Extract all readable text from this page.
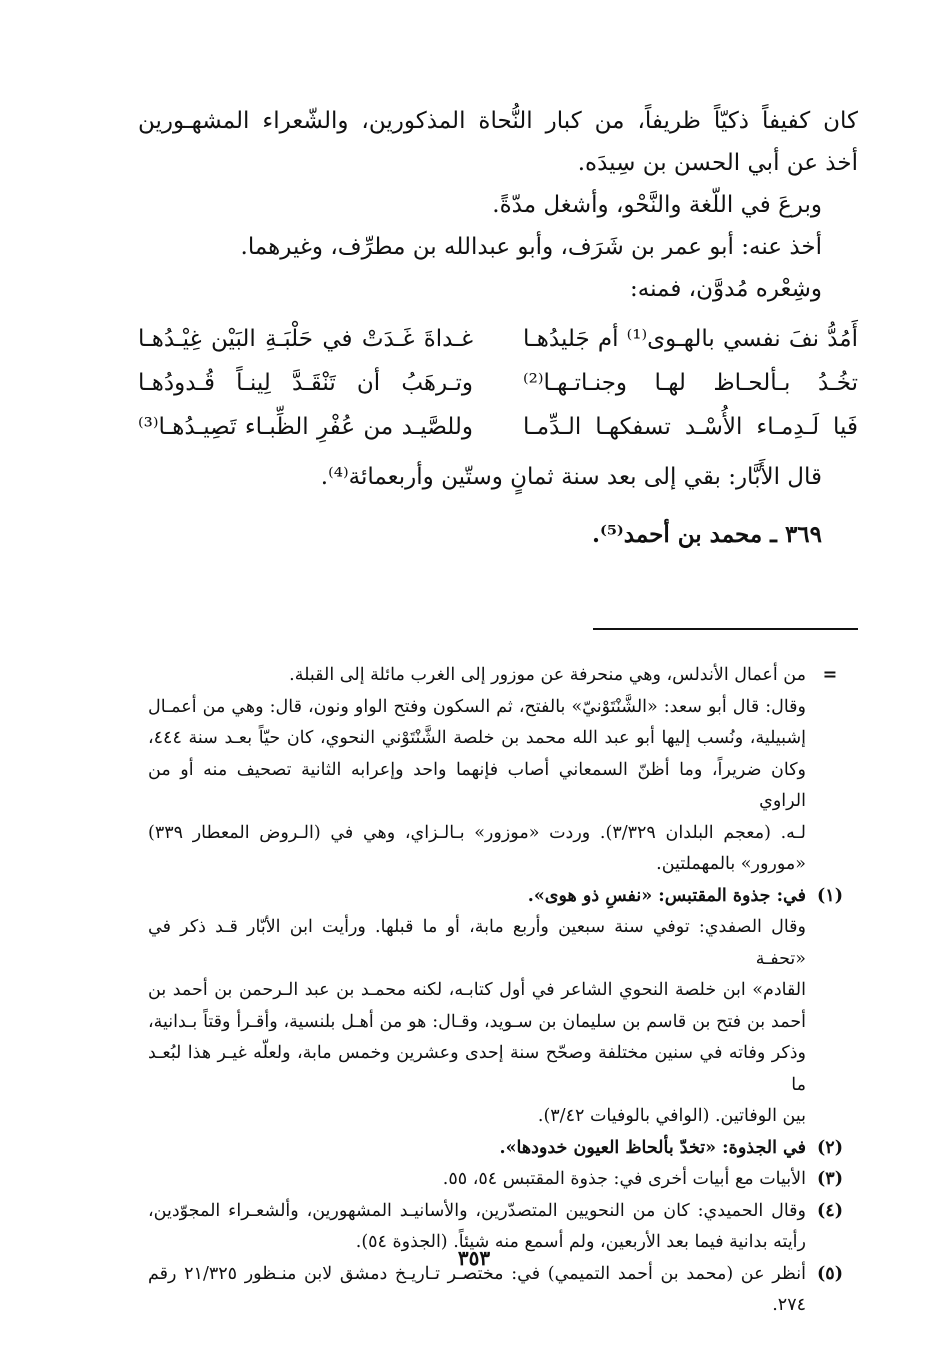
كان كفيفاً ذكيّاً ظريفاً، من كبار النُّحاة المذكورين، والشّعراء المشهـورين

أخذ عن أبي الحسن بن سِيدَه.

وبرعَ في اللّغة والنَّحْو، وأشغل مدّةً.

أخذ عنه: أبو عمر بن شَرَف، وأبو عبدالله بن مطرِّف، وغيرهما.

وشِعْره مُدوَّن، فمنه:

أَمُدُّ نفَ نفسي بالهـوى⁽¹⁾ أم جَليدُهـا
غـداةَ غَـدَتْ في حَلْبَـةِ البَيْن غِيْـدُهـا
تخُـدُ بـألحـاظ لهـا وجنـاتـهـا⁽²⁾
وتـرهَبُ أن تَنْقَـدَّ لِينـاً قُـدودُهـا
فَيا لَـدِمـاء الأُسْـد تسفكهـا الـدِّمـا
وللصَّيـد من عُفْرِ الظِّبـاء تَصِيـدُهـا⁽³⁾

قال الأَبَّار: بقي إلى بعد سنة ثمانٍ وستّين وأربعمائة⁽⁴⁾.

٣٦٩ ـ محمد بن أحمد⁽⁵⁾.

=

من أعمال الأندلس، وهي منحرفة عن موزور إلى الغرب مائلة إلى القبلة.

وقال: قال أبو سعد: «الشَّنْتَوْنيّ» بالفتح، ثم السكون وفتح الواو ونون، قال: وهي من أعمـال

إشبيلية، ونُسب إليها أبو عبد الله محمد بن خلصة الشَّنْتَوْني النحوي، كان حيّاً بعـد سنة ٤٤٤،

وكان ضريراً، وما أظنّ السمعاني أصاب فإنهما واحد وإعرابه الثانية تصحيف منه أو من الراوي

لـه. (معجم البلدان ٣/٣٢٩). وردت «موزور» بـالـزاي، وهي في (الـروض المعطار ٣٣٩)

«مورور» بالمهملتين.

(١)

في: جذوة المقتبس: «نفسِ ذو هوى».

وقال الصفدي: توفي سنة سبعين وأربع مابة، أو ما قبلها. ورأيت ابن الأبّار قـد ذكر في «تحفـة

القادم» ابن خلصة النحوي الشاعر في أول كتابـه، لكنه محمـد بن عبد الـرحمن بن أحمد بن

أحمد بن فتح بن قاسم بن سليمان بن سـويد، وقـال: هو من أهـل بلنسية، وأقـرأ وقتاً بـدانية،

وذكر وفاته في سنين مختلفة وصحّح سنة إحدى وعشرين وخمس مابة، ولعلّه غيـر هذا لبُعـد ما

بين الوفاتين. (الوافي بالوفيات ٣/٤٢).

(٢)

في الجذوة: «تخدّ بألحاظ العيون خدودها».

(٣)

الأبيات مع أبيات أخرى في: جذوة المقتبس ٥٤، ٥٥.

(٤)

وقال الحميدي: كان من النحويين المتصدّرين، والأسانيـد المشهورين، وألشعـراء المجوّدين،

رأيته بدانية فيما بعد الأربعين، ولم أسمع منه شيئاً. (الجذوة ٥٤).

(٥)

أنظر عن (محمد بن أحمد التميمي) في: مختصـر تـاريـخ دمشق لابن منـظور ٢١/٣٢٥ رقم

٢٧٤.

٣٥٣
